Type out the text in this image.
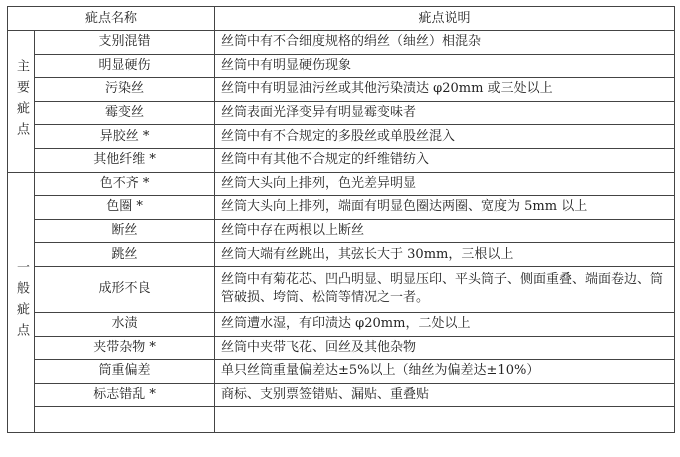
疵点名称		疵点说明

主要疵点	支别混错	丝筒中有不合细度规格的绢丝（䌷丝）相混杂
	明显硬伤	丝筒中有明显硬伤现象
	污染丝	丝筒中有明显油污丝或其他污染渍达 φ20mm 或三处以上
	霉变丝	丝筒表面光泽变异有明显霉变味者
	异胶丝 *	丝筒中有不合规定的多股丝或单股丝混入
	其他纤维 *	丝筒中有其他不合规定的纤维错纺入

一般疵点	色不齐 *	丝筒大头向上排列，色光差异明显
	色圈 *	丝筒大头向上排列，端面有明显色圈达两圈、宽度为 5mm 以上
	断丝	丝筒中存在两根以上断丝
	跳丝	丝筒大端有丝跳出，其弦长大于 30mm，三根以上
	成形不良	丝筒中有菊花芯、凹凸明显、明显压印、平头筒子、侧面重叠、端面卷边、筒管破损、垮筒、松筒等情况之一者。
	水渍	丝筒遭水湿，有印渍达 φ20mm，二处以上
	夹带杂物 *	丝筒中夹带飞花、回丝及其他杂物
	筒重偏差	单只丝筒重量偏差达±5%以上（䌷丝为偏差达±10%）
	标志错乱 *	商标、支别票签错贴、漏贴、重叠贴
